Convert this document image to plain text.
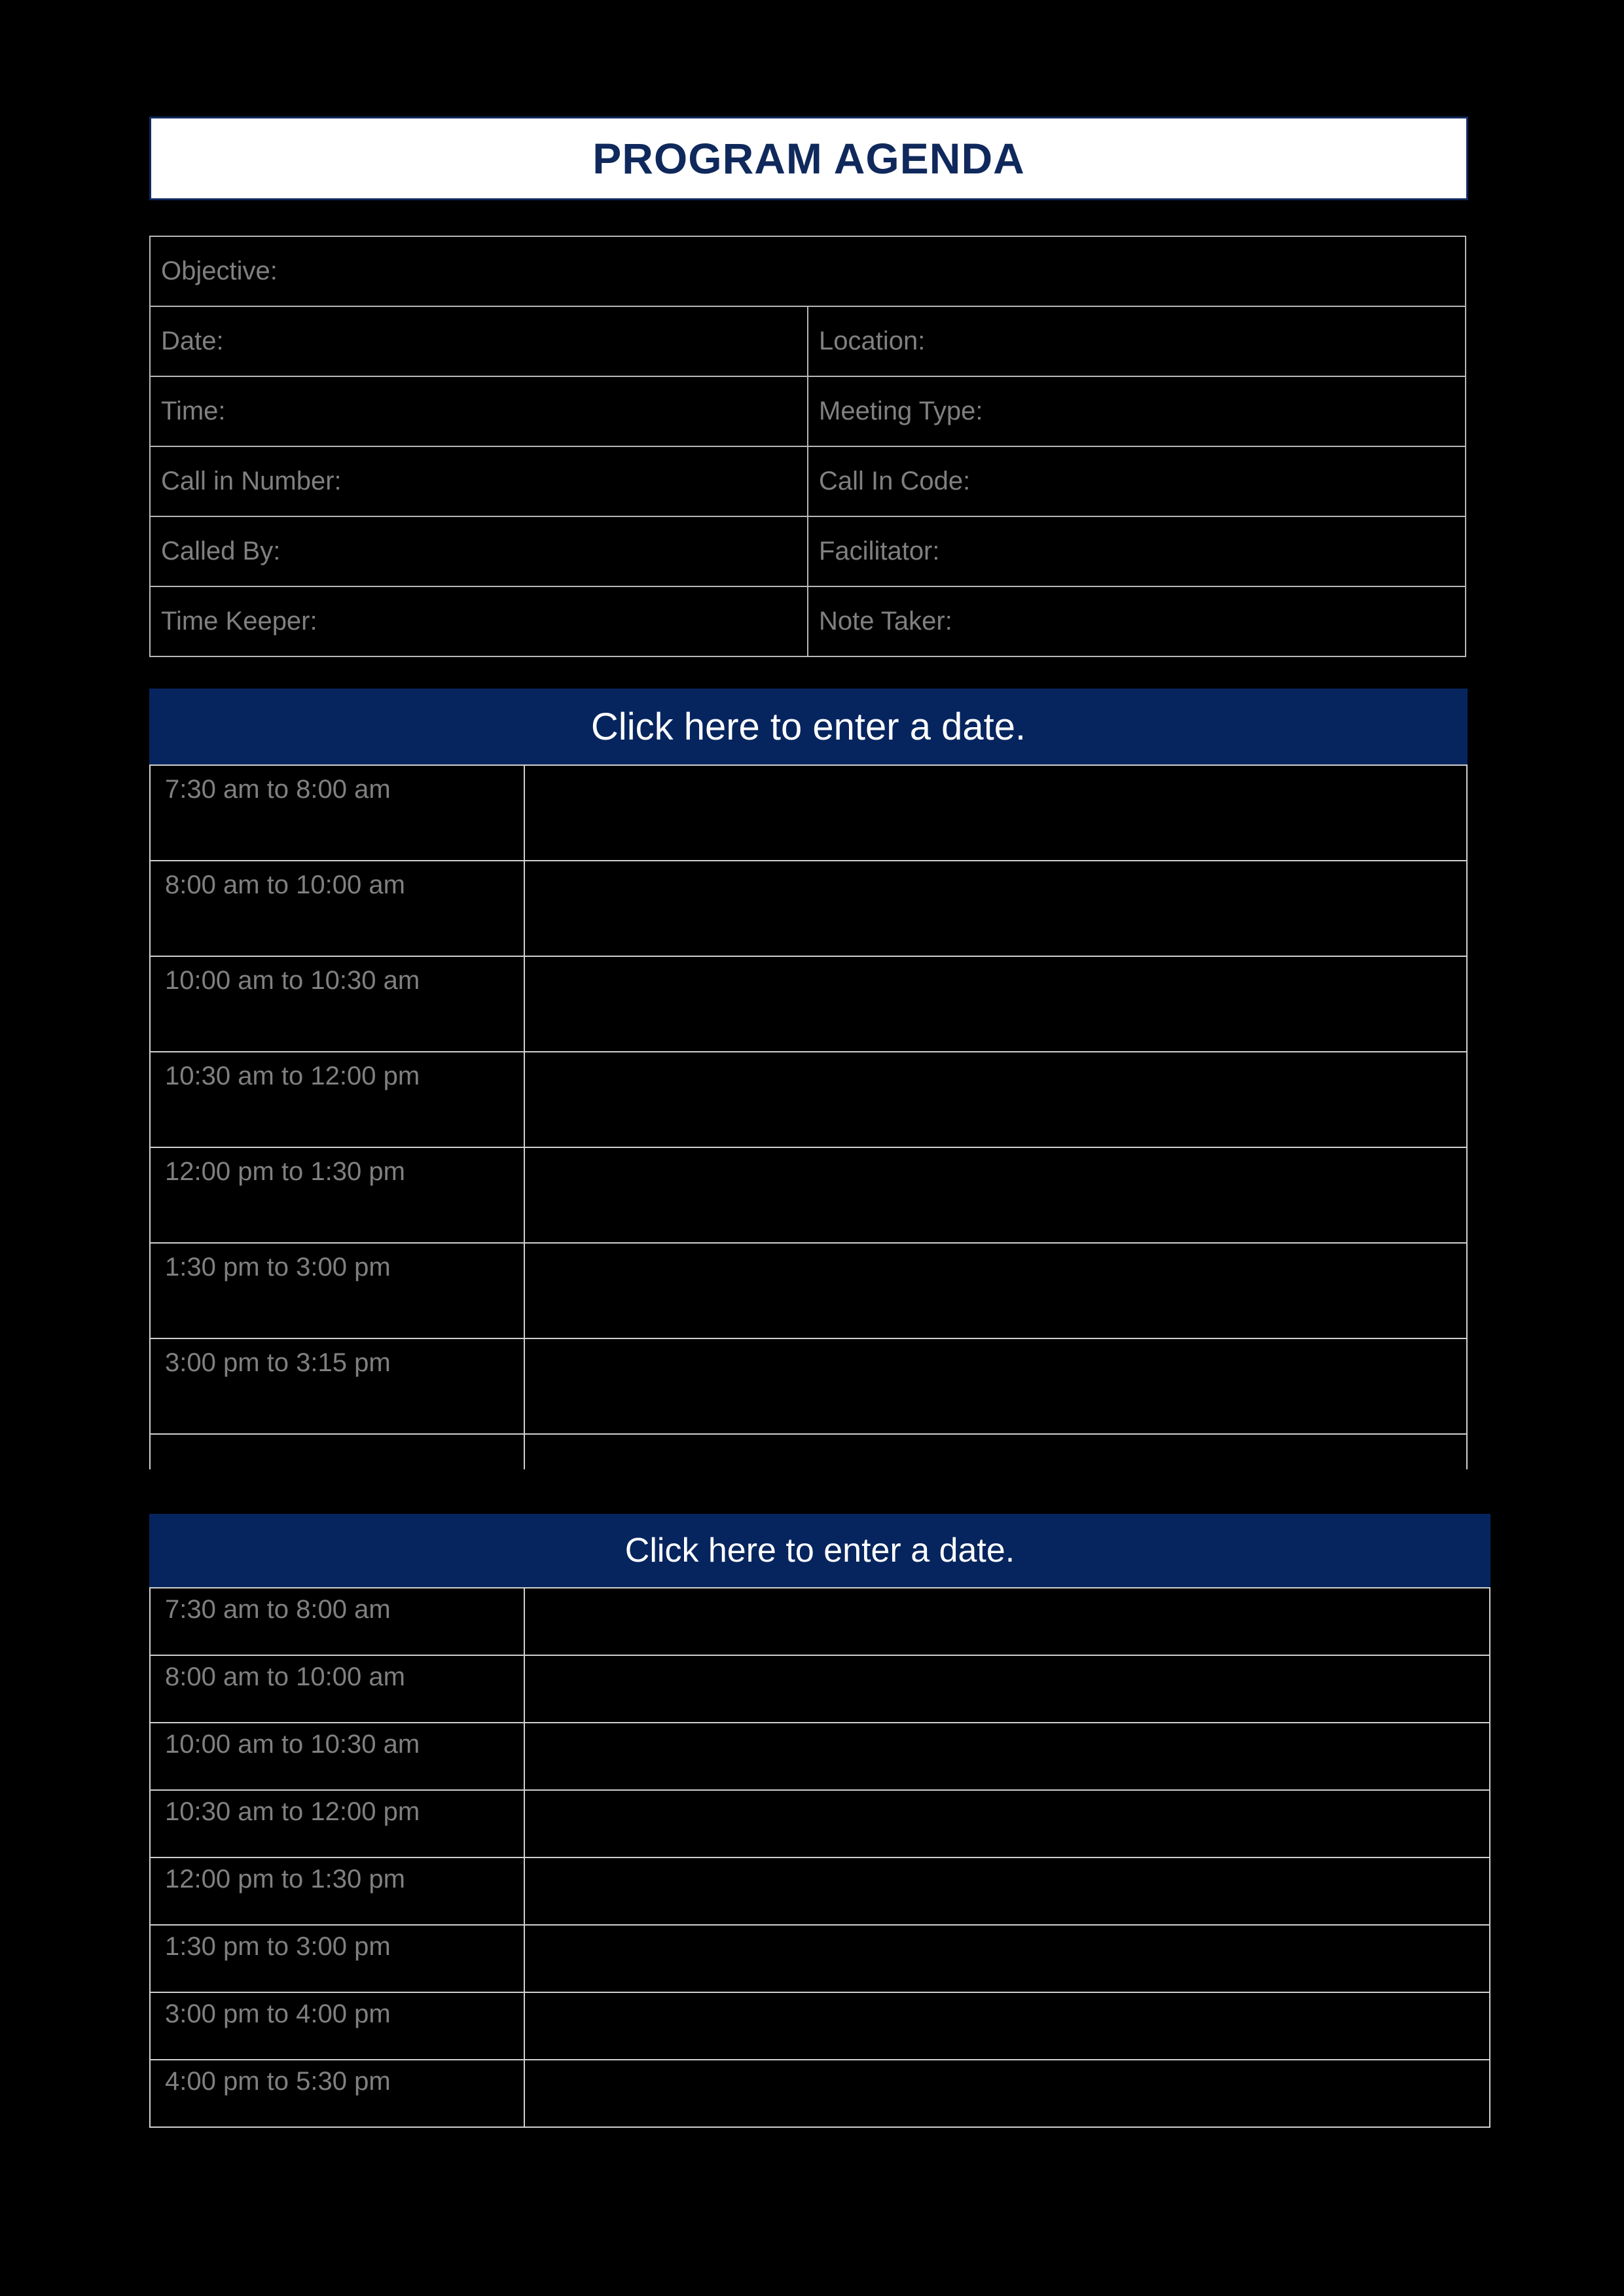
PROGRAM AGENDA
Objective:	
Date:	Location:
Time:	Meeting Type:
Call in Number:	Call In Code:
Called By:	Facilitator:
Time Keeper:	Note Taker:
Click here to enter a date.
7:30 am to 8:00 am	
8:00 am to 10:00 am	
10:00 am to 10:30 am	
10:30 am to 12:00 pm	
12:00 pm to 1:30 pm	
1:30 pm to 3:00 pm	
3:00 pm to 3:15 pm	

Click here to enter a date.
7:30 am to 8:00 am	
8:00 am to 10:00 am	
10:00 am to 10:30 am	
10:30 am to 12:00 pm	
12:00 pm to 1:30 pm	
1:30 pm to 3:00 pm	
3:00 pm to 4:00 pm	
4:00 pm to 5:30 pm	
